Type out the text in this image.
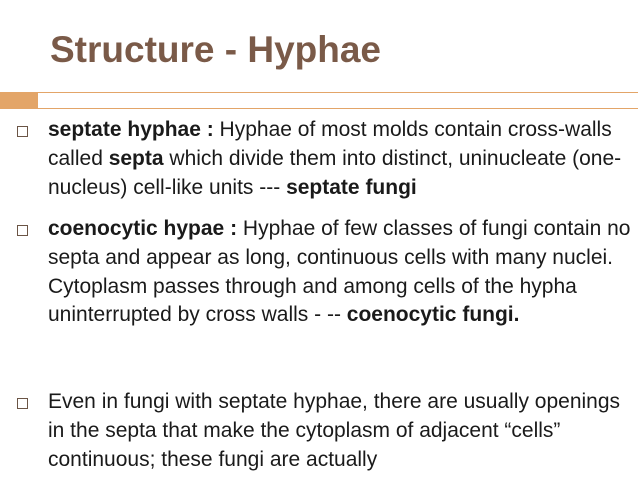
Structure - Hyphae

septate hyphae : Hyphae of most molds contain cross-walls called septa which divide them into distinct, uninucleate (one-nucleus) cell-like units --- septate fungi

coenocytic hypae : Hyphae of few classes of fungi contain no septa and appear as long, continuous cells with many nuclei. Cytoplasm passes through and among cells of the hypha uninterrupted by cross walls - -- coenocytic fungi.

Even in fungi with septate hyphae, there are usually openings in the septa that make the cytoplasm of adjacent “cells” continuous; these fungi are actually
